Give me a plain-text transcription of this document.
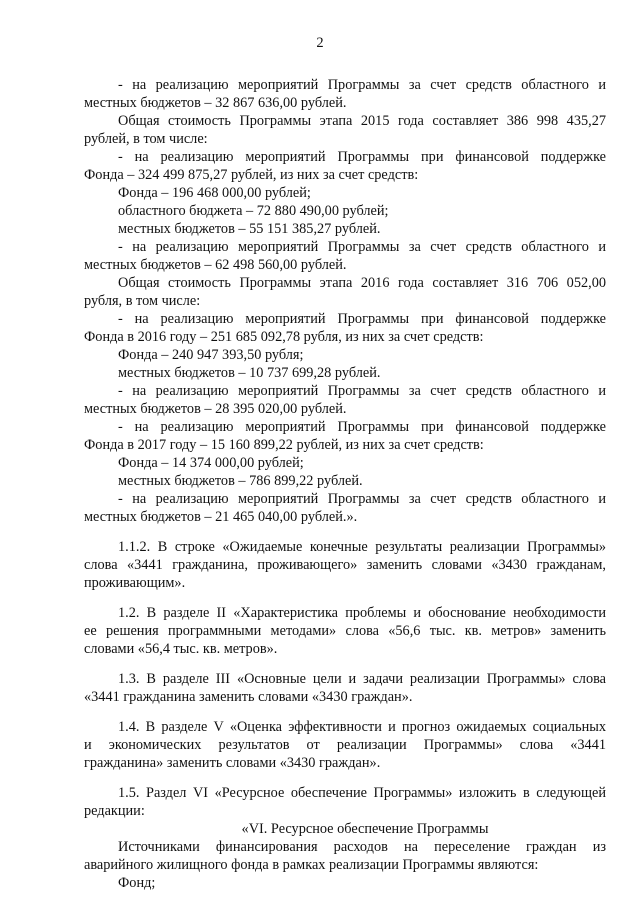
2
- на реализацию мероприятий Программы за счет средств областного и
местных бюджетов – 32 867 636,00 рублей.
Общая стоимость Программы этапа 2015 года составляет 386 998 435,27
рублей, в том числе:
- на реализацию мероприятий Программы при финансовой поддержке
Фонда – 324 499 875,27 рублей, из них за счет средств:
Фонда – 196 468 000,00 рублей;
областного бюджета – 72 880 490,00 рублей;
местных бюджетов – 55 151 385,27 рублей.
- на реализацию мероприятий Программы за счет средств областного и
местных бюджетов – 62 498 560,00 рублей.
Общая стоимость Программы этапа 2016 года составляет 316 706 052,00
рубля, в том числе:
- на реализацию мероприятий Программы при финансовой поддержке
Фонда в 2016 году – 251 685 092,78 рубля, из них за счет средств:
Фонда – 240 947 393,50 рубля;
местных бюджетов – 10 737 699,28 рублей.
- на реализацию мероприятий Программы за счет средств областного и
местных бюджетов – 28 395 020,00 рублей.
- на реализацию мероприятий Программы при финансовой поддержке
Фонда в 2017 году – 15 160 899,22 рублей, из них за счет средств:
Фонда – 14 374 000,00 рублей;
местных бюджетов – 786 899,22 рублей.
- на реализацию мероприятий Программы за счет средств областного и
местных бюджетов – 21 465 040,00 рублей.».
1.1.2. В строке «Ожидаемые конечные результаты реализации Программы»
слова «3441 гражданина, проживающего» заменить словами «3430 гражданам,
проживающим».
1.2. В разделе II «Характеристика проблемы и обоснование необходимости
ее решения программными методами» слова «56,6 тыс. кв. метров» заменить
словами «56,4 тыс. кв. метров».
1.3. В разделе III «Основные цели и задачи реализации Программы» слова
«3441 гражданина заменить словами «3430 граждан».
1.4. В разделе V «Оценка эффективности и прогноз ожидаемых социальных
и экономических результатов от реализации Программы» слова «3441
гражданина» заменить словами «3430 граждан».
1.5. Раздел VI «Ресурсное обеспечение Программы» изложить в следующей
редакции:
«VI. Ресурсное обеспечение Программы
Источниками финансирования расходов на переселение граждан из
аварийного жилищного фонда в рамках реализации Программы являются:
Фонд;
